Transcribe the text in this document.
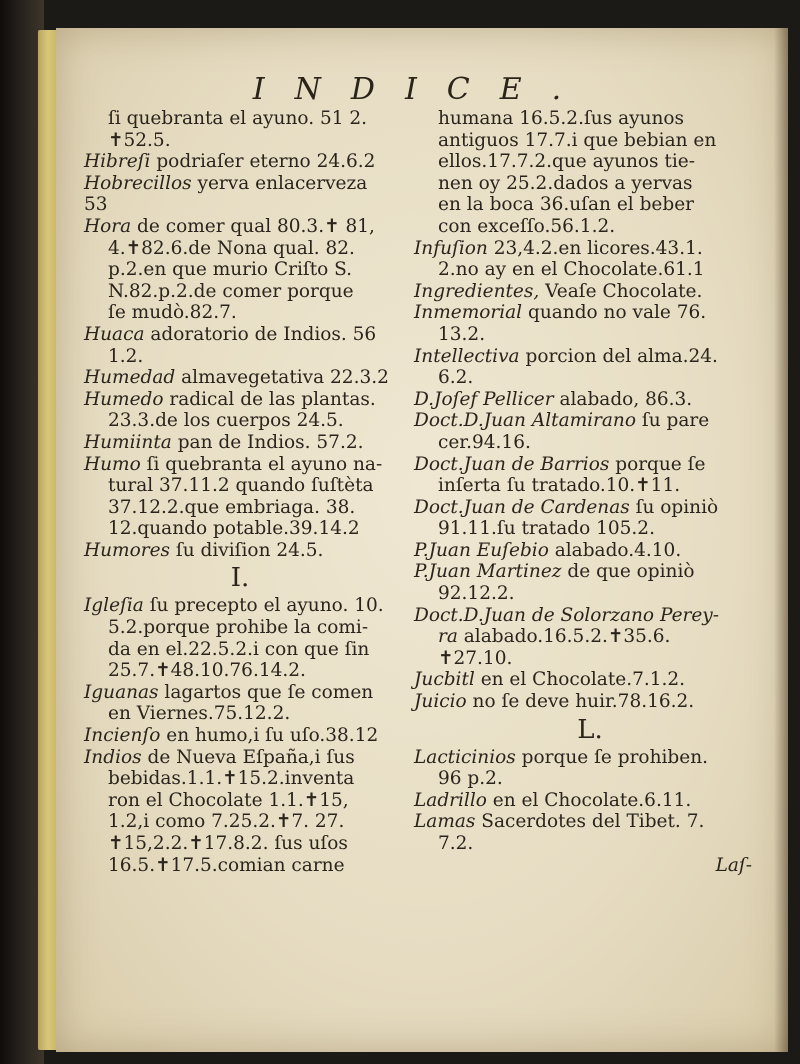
INDICE.
ſi quebranta el ayuno. 51 2.
✝52.5.
Hibreſi podriaſer eterno 24.6.2
Hobrecillos yerva enlacerveza 53
Hora de comer qual 80.3.✝ 81,
4.✝82.6.de Nona qual. 82.
p.2.en que murio Criſto S.
N.82.p.2.de comer porque
ſe mudò.82.7.
Huaca adoratorio de Indios. 56
1.2.
Humedad almavegetativa 22.3.2
Humedo radical de las plantas.
23.3.de los cuerpos 24.5.
Humiinta pan de Indios. 57.2.
Humo ſi quebranta el ayuno na-
tural 37.11.2 quando ſuſtèta
37.12.2.que embriaga. 38.
12.quando potable.39.14.2
Humores ſu diviſion 24.5.
I.
Igleſia ſu precepto el ayuno. 10.
5.2.porque prohibe la comi-
da en el.22.5.2.i con que ſin
25.7.✝48.10.76.14.2.
Iguanas lagartos que ſe comen
en Viernes.75.12.2.
Incienſo en humo,i ſu uſo.38.12
Indios de Nueva Eſpaña,i ſus
bebidas.1.1.✝15.2.inventa
ron el Chocolate 1.1.✝15,
1.2,i como 7.25.2.✝7. 27.
✝15,2.2.✝17.8.2. ſus uſos
16.5.✝17.5.comian carne
humana 16.5.2.ſus ayunos
antiguos 17.7.i que bebian en
ellos.17.7.2.que ayunos tie-
nen oy 25.2.dados a yervas
en la boca 36.uſan el beber
con exceſſo.56.1.2.
Infuſion 23,4.2.en licores.43.1.
2.no ay en el Chocolate.61.1
Ingredientes, Veaſe Chocolate.
Inmemorial quando no vale 76.
13.2.
Intellectiva porcion del alma.24.
6.2.
D.Joſef Pellicer alabado, 86.3.
Doct.D.Juan Altamirano ſu pare
cer.94.16.
Doct.Juan de Barrios porque ſe
inſerta ſu tratado.10.✝11.
Doct.Juan de Cardenas ſu opiniò
91.11.ſu tratado 105.2.
P.Juan Euſebio alabado.4.10.
P.Juan Martinez de que opiniò
92.12.2.
Doct.D.Juan de Solorzano Perey-
ra alabado.16.5.2.✝35.6.
✝27.10.
Jucbitl en el Chocolate.7.1.2.
Juicio no ſe deve huir.78.16.2.
L.
Lacticinios porque ſe prohiben.
96 p.2.
Ladrillo en el Chocolate.6.11.
Lamas Sacerdotes del Tibet. 7.
7.2.
Laſ-
